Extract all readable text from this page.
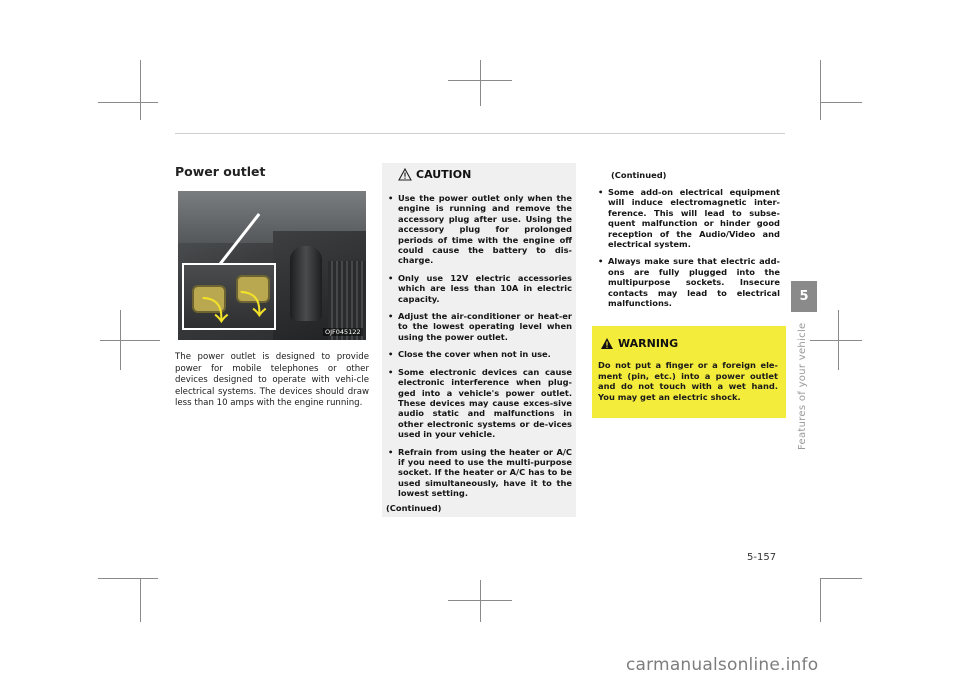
Power outlet
⤵ ⤵
OJF045122
The power outlet is designed to provide power for mobile telephones or other devices designed to operate with vehi-cle electrical systems. The devices should draw less than 10 amps with the engine running.
CAUTION
• Use the power outlet only when the engine is running and remove the accessory plug after use. Using the accessory plug for prolonged periods of time with the engine off could cause the battery to dis-charge.
• Only use 12V electric accessories which are less than 10A in electric capacity.
• Adjust the air-conditioner or heat-er to the lowest operating level when using the power outlet.
• Close the cover when not in use.
• Some electronic devices can cause electronic interference when plug-ged into a vehicle's power outlet. These devices may cause exces-sive audio static and malfunctions in other electronic systems or de-vices used in your vehicle.
• Refrain from using the heater or A/C if you need to use the multi-purpose socket. If the heater or A/C has to be used simultaneously, have it to the lowest setting.
(Continued)
(Continued)
• Some add-on electrical equipment will induce electromagnetic inter-ference. This will lead to subse-quent malfunction or hinder good reception of the Audio/Video and electrical system.
• Always make sure that electric add-ons are fully plugged into the multipurpose sockets. Insecure contacts may lead to electrical malfunctions.
WARNING
Do not put a finger or a foreign ele-ment (pin, etc.) into a power outlet and do not touch with a wet hand. You may get an electric shock.
5
Features of your vehicle
5-157
carmanualsonline.info
